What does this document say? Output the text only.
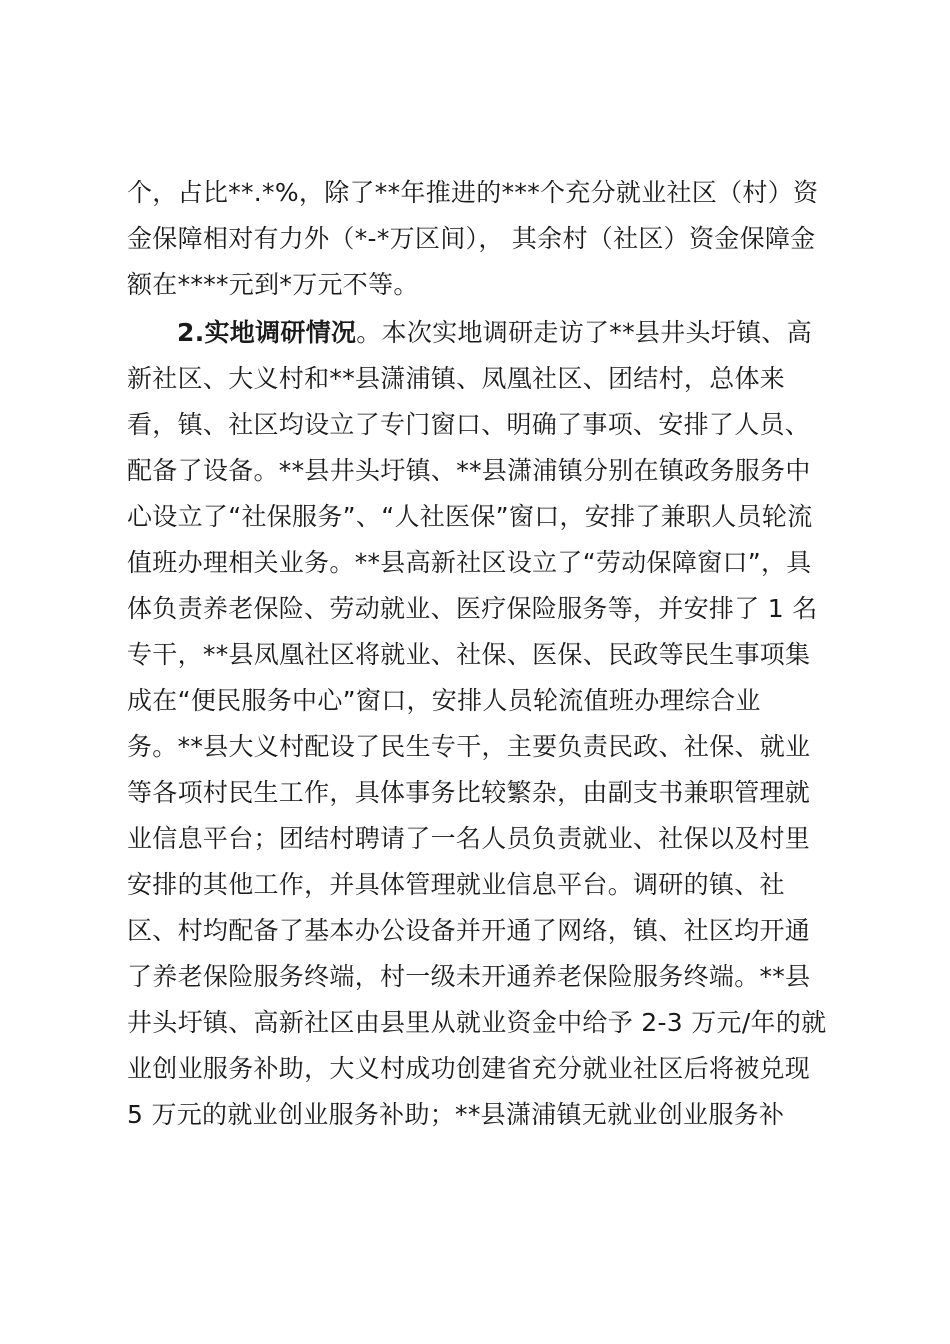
个，占比**.*%，除了**年推进的***个充分就业社区（村）资
金保障相对有力外（*-*万区间）， 其余村（社区）资金保障金
额在****元到*万元不等。
2.实地调研情况。本次实地调研走访了**县井头圩镇、高
新社区、大义村和**县潇浦镇、凤凰社区、团结村，总体来
看，镇、社区均设立了专门窗口、明确了事项、安排了人员、
配备了设备。**县井头圩镇、**县潇浦镇分别在镇政务服务中
心设立了“社保服务”、“人社医保”窗口，安排了兼职人员轮流
值班办理相关业务。**县高新社区设立了“劳动保障窗口”，具
体负责养老保险、劳动就业、医疗保险服务等，并安排了 1 名
专干，**县凤凰社区将就业、社保、医保、民政等民生事项集
成在“便民服务中心”窗口，安排人员轮流值班办理综合业
务。**县大义村配设了民生专干，主要负责民政、社保、就业
等各项村民生工作，具体事务比较繁杂，由副支书兼职管理就
业信息平台；团结村聘请了一名人员负责就业、社保以及村里
安排的其他工作，并具体管理就业信息平台。调研的镇、社
区、村均配备了基本办公设备并开通了网络，镇、社区均开通
了养老保险服务终端，村一级未开通养老保险服务终端。**县
井头圩镇、高新社区由县里从就业资金中给予 2-3 万元/年的就
业创业服务补助，大义村成功创建省充分就业社区后将被兑现
5 万元的就业创业服务补助；**县潇浦镇无就业创业服务补
